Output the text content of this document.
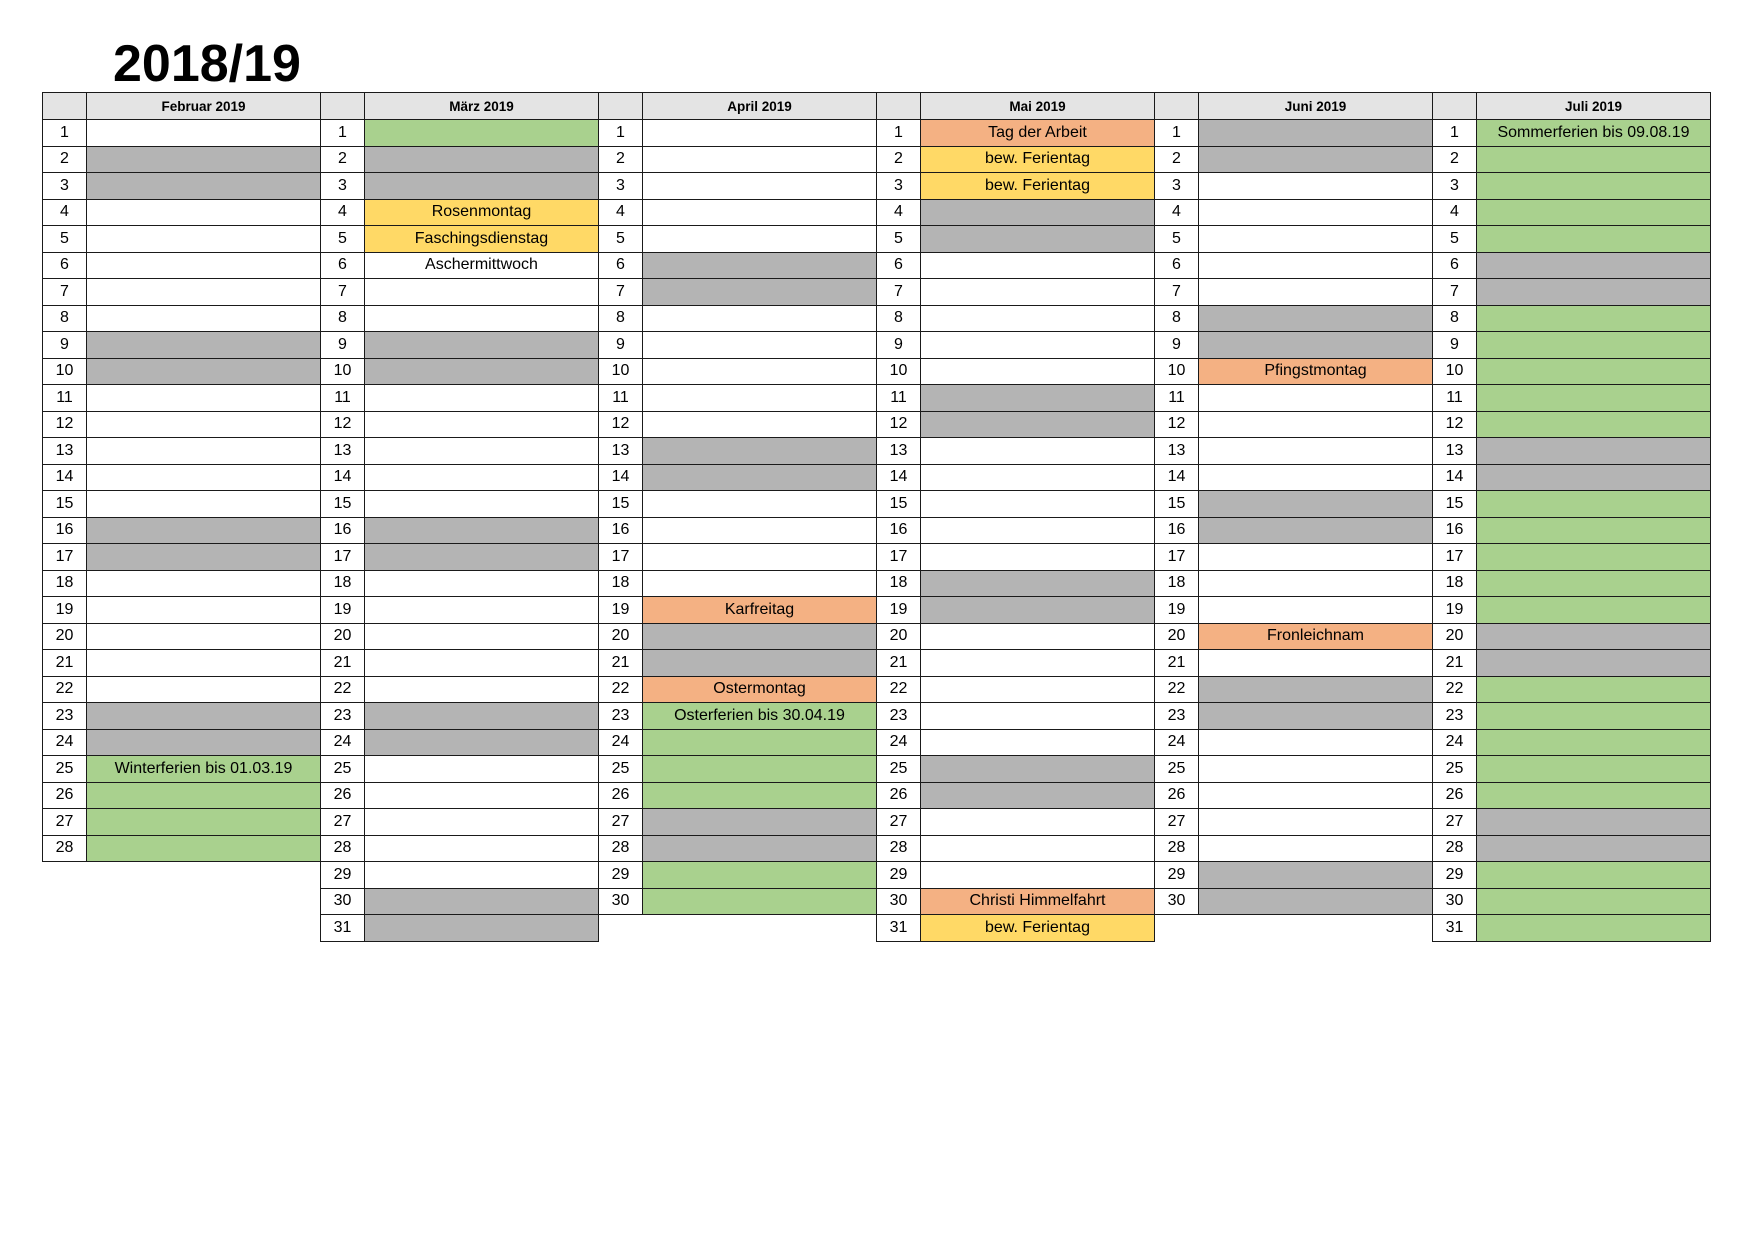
2018/19
	Februar 2019
1	
2	
3	
4	
5	
6	
7	
8	
9	
10	
11	
12	
13	
14	
15	
16	
17	
18	
19	
20	
21	
22	
23	
24	
25	Winterferien bis 01.03.19
26	
27	
28	
	März 2019
1	
2	
3	
4	Rosenmontag
5	Faschingsdienstag
6	Aschermittwoch
7	
8	
9	
10	
11	
12	
13	
14	
15	
16	
17	
18	
19	
20	
21	
22	
23	
24	
25	
26	
27	
28	
29	
30	
31	
	April 2019
1	
2	
3	
4	
5	
6	
7	
8	
9	
10	
11	
12	
13	
14	
15	
16	
17	
18	
19	Karfreitag
20	
21	
22	Ostermontag
23	Osterferien bis 30.04.19
24	
25	
26	
27	
28	
29	
30	
	Mai 2019
1	Tag der Arbeit
2	bew. Ferientag
3	bew. Ferientag
4	
5	
6	
7	
8	
9	
10	
11	
12	
13	
14	
15	
16	
17	
18	
19	
20	
21	
22	
23	
24	
25	
26	
27	
28	
29	
30	Christi Himmelfahrt
31	bew. Ferientag
	Juni 2019
1	
2	
3	
4	
5	
6	
7	
8	
9	
10	Pfingstmontag
11	
12	
13	
14	
15	
16	
17	
18	
19	
20	Fronleichnam
21	
22	
23	
24	
25	
26	
27	
28	
29	
30	
	Juli 2019
1	Sommerferien bis 09.08.19
2	
3	
4	
5	
6	
7	
8	
9	
10	
11	
12	
13	
14	
15	
16	
17	
18	
19	
20	
21	
22	
23	
24	
25	
26	
27	
28	
29	
30	
31	
